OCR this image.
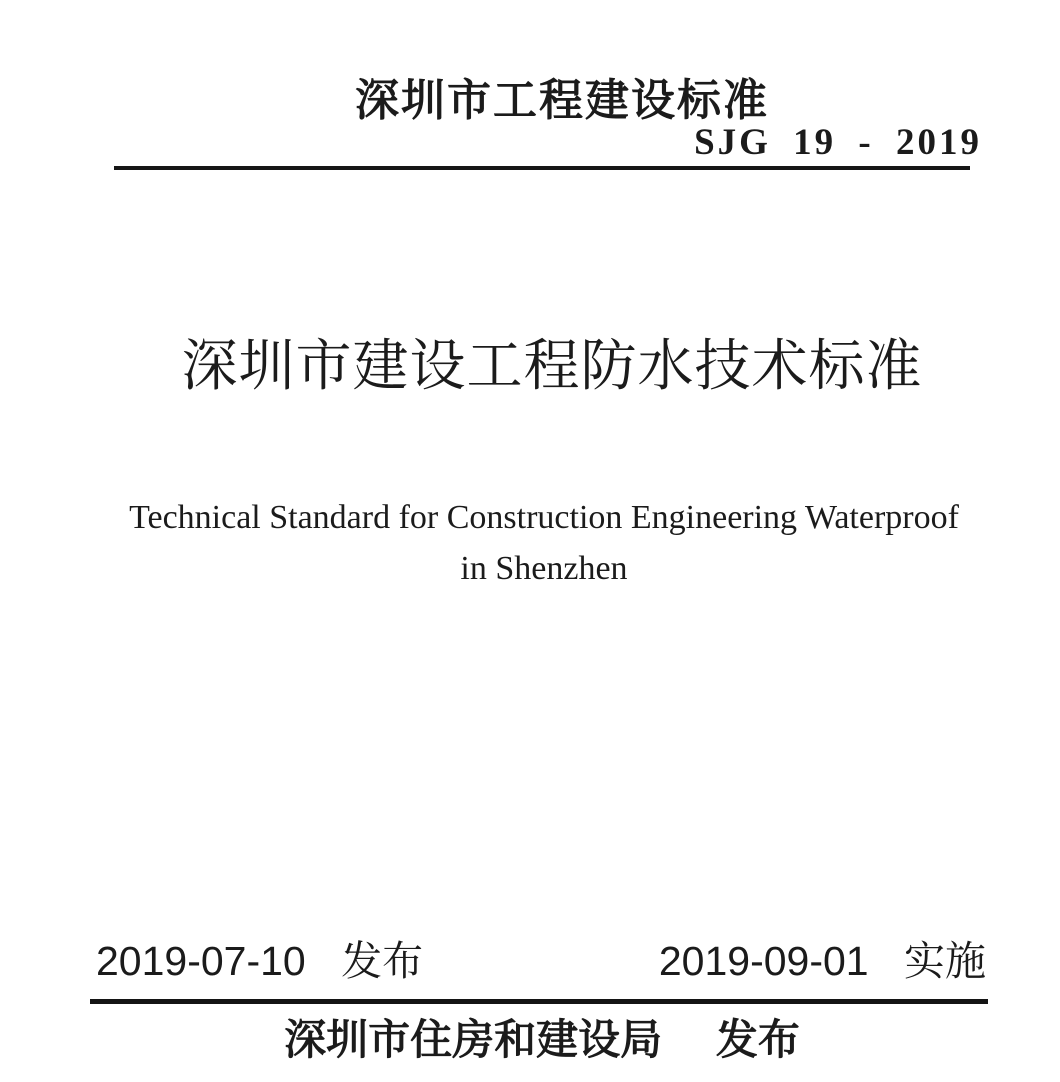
深圳市工程建设标准
SJG 19 - 2019
深圳市建设工程防水技术标准
Technical Standard for Construction Engineering Waterproof
in Shenzhen
2019-07-10 发布	2019-09-01 实施
深圳市住房和建设局 发布
